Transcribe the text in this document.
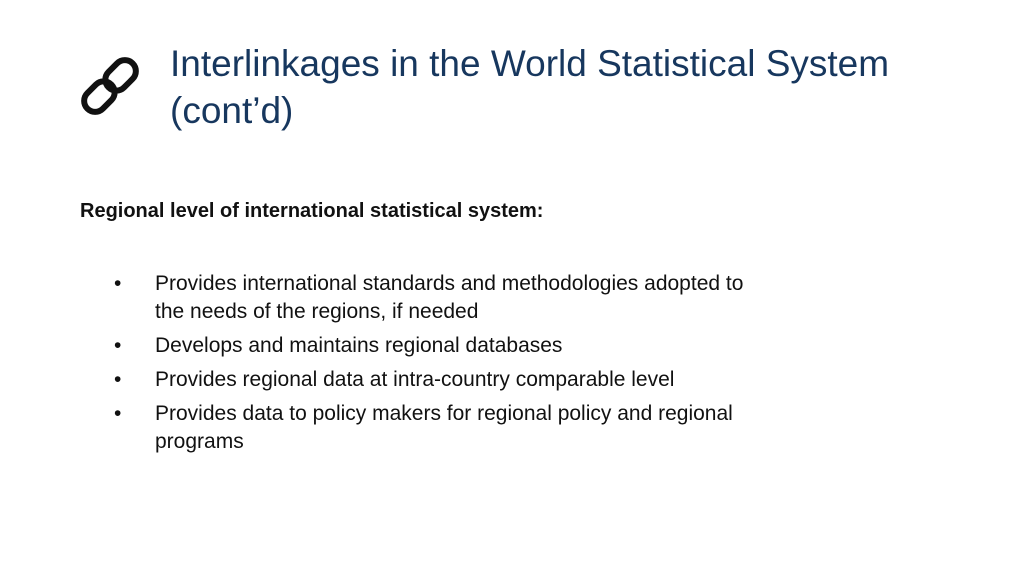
Interlinkages in the World Statistical System
(cont’d)

Regional level of international statistical system:

• Provides international standards and methodologies adopted to
the needs of the regions, if needed
• Develops and maintains regional databases
• Provides regional data at intra-country comparable level
• Provides data to policy makers for regional policy and regional
programs
